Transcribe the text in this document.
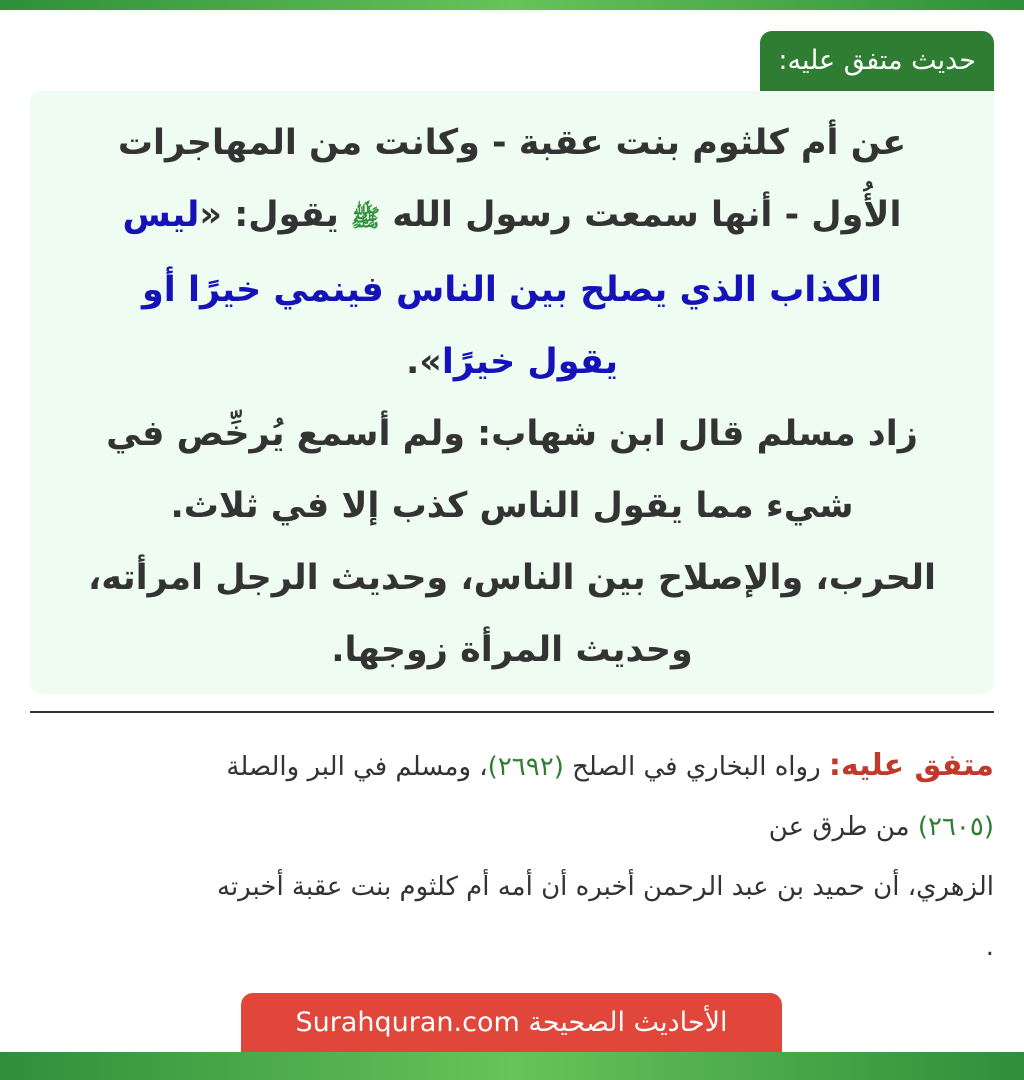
حديث متفق عليه:

عن أم كلثوم بنت عقبة - وكانت من المهاجرات

الأُول - أنها سمعت رسول الله ﷺ يقول: «ليس

الكذاب الذي يصلح بين الناس فينمي خيرًا أو

يقول خيرًا».

زاد مسلم قال ابن شهاب: ولم أسمع يُرخِّص في

شيء مما يقول الناس كذب إلا في ثلاث.

الحرب، والإصلاح بين الناس، وحديث الرجل امرأته،

وحديث المرأة زوجها.

متفق عليه: رواه البخاري في الصلح (٢٦٩٢)، ومسلم في البر والصلة

(٢٦٠٥) من طرق عن

الزهري، أن حميد بن عبد الرحمن أخبره أن أمه أم كلثوم بنت عقبة أخبرته

.

Surahquran.com الأحاديث الصحيحة
